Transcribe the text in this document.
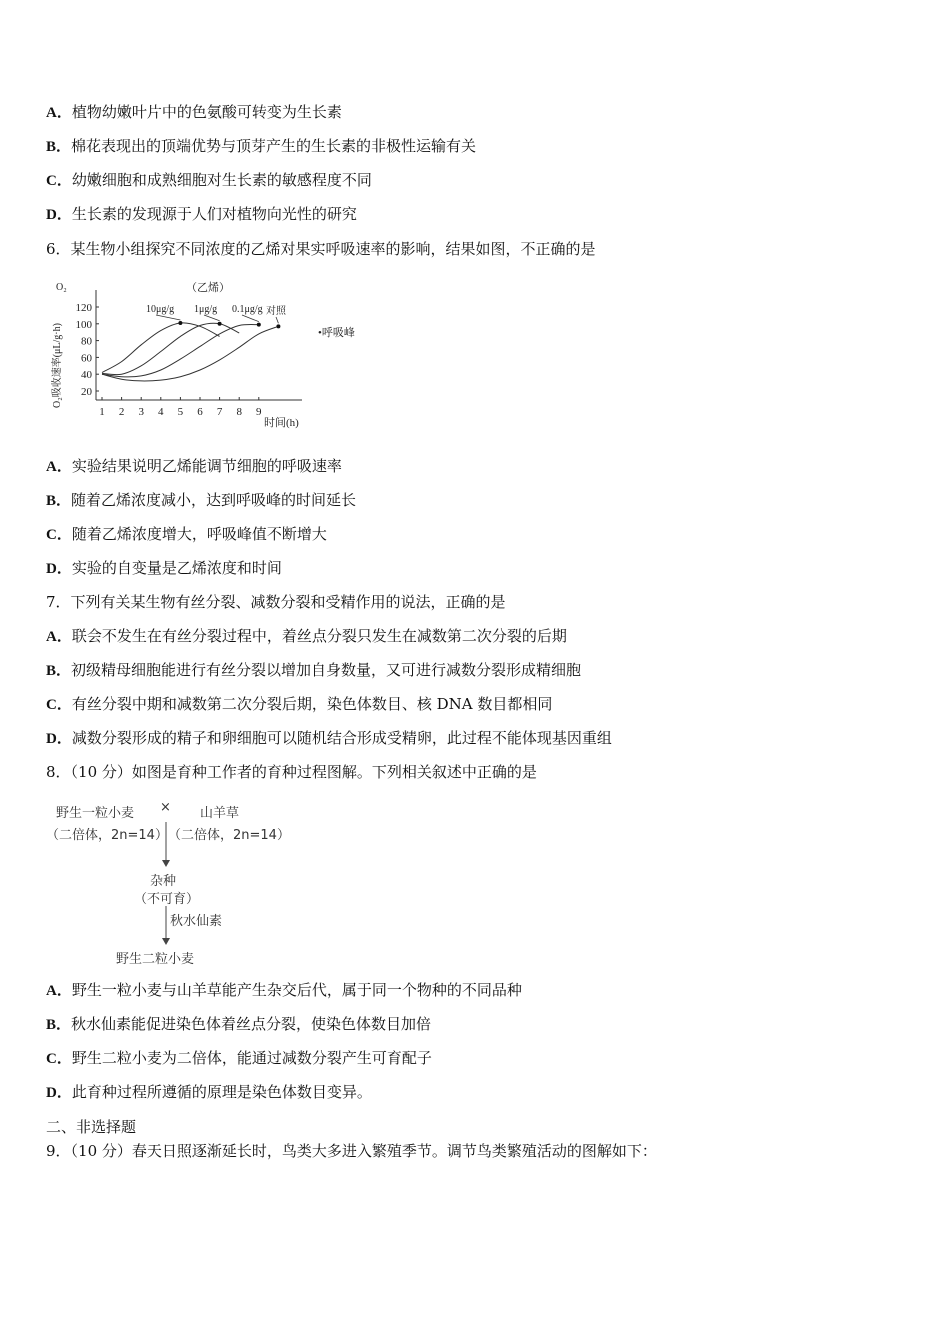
A．植物幼嫩叶片中的色氨酸可转变为生长素
B．棉花表现出的顶端优势与顶芽产生的生长素的非极性运输有关
C．幼嫩细胞和成熟细胞对生长素的敏感程度不同
D．生长素的发现源于人们对植物向光性的研究
6．某生物小组探究不同浓度的乙烯对果实呼吸速率的影响，结果如图，不正确的是
1 2 3 4 5 6 7 8 9
20
40
60
80
100
120
时间(h)
O₂
O₂吸收速率(μL/g·h)
（乙烯）
•呼吸峰
10μg/g 1μg/g 0.1μg/g 对照
A．实验结果说明乙烯能调节细胞的呼吸速率
B．随着乙烯浓度减小，达到呼吸峰的时间延长
C．随着乙烯浓度增大，呼吸峰值不断增大
D．实验的自变量是乙烯浓度和时间
7．下列有关某生物有丝分裂、减数分裂和受精作用的说法，正确的是
A．联会不发生在有丝分裂过程中，着丝点分裂只发生在减数第二次分裂的后期
B．初级精母细胞能进行有丝分裂以增加自身数量，又可进行减数分裂形成精细胞
C．有丝分裂中期和减数第二次分裂后期，染色体数目、核 DNA 数目都相同
D．减数分裂形成的精子和卵细胞可以随机结合形成受精卵，此过程不能体现基因重组
8．（10 分）如图是育种工作者的育种过程图解。下列相关叙述中正确的是
野生一粒小麦 × 山羊草
（二倍体，2n=14） （二倍体，2n=14）
杂种
（不可育）
秋水仙素
野生二粒小麦
A．野生一粒小麦与山羊草能产生杂交后代，属于同一个物种的不同品种
B．秋水仙素能促进染色体着丝点分裂，使染色体数目加倍
C．野生二粒小麦为二倍体，能通过减数分裂产生可育配子
D．此育种过程所遵循的原理是染色体数目变异。
二、非选择题
9．（10 分）春天日照逐渐延长时，鸟类大多进入繁殖季节。调节鸟类繁殖活动的图解如下：
